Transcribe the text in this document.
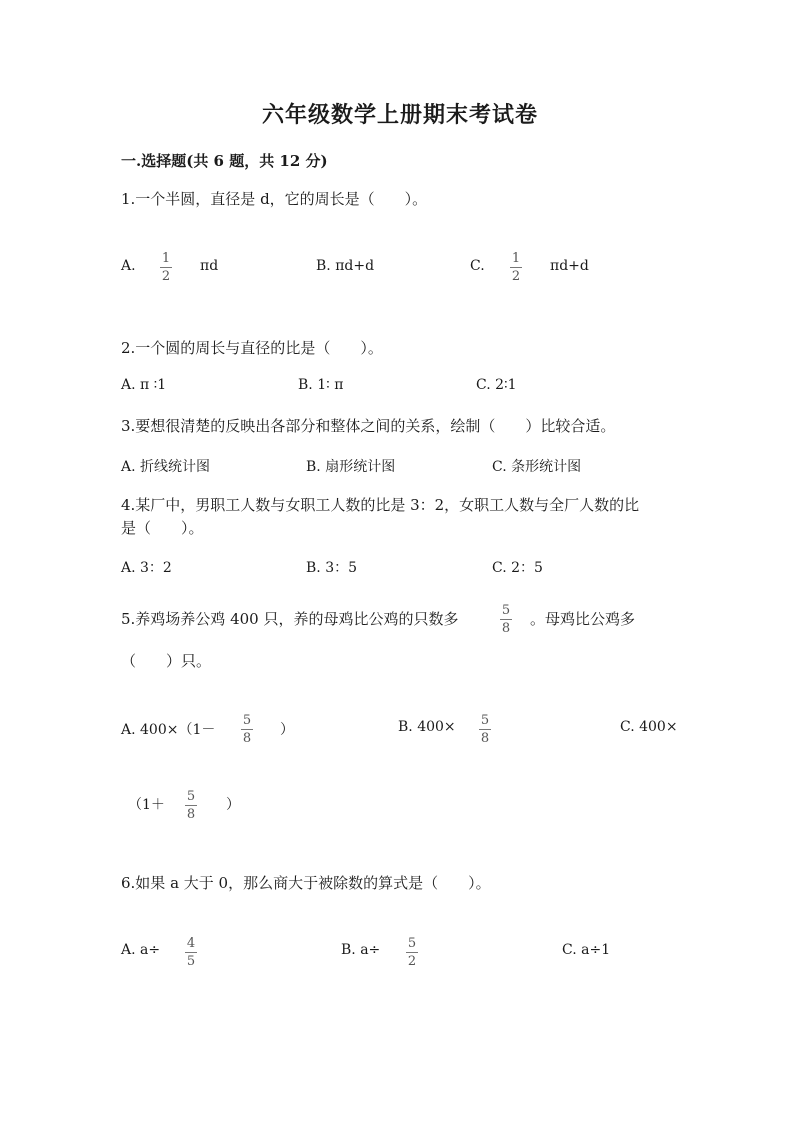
六年级数学上册期末考试卷
一.选择题(共 6 题，共 12 分)
1.一个半圆，直径是 d，它的周长是（　　）。
A. 1
2
πd	B. πd+d	C. 1
2
πd+d
2.一个圆的周长与直径的比是（　　）。
A. π ∶1	B. 1∶ π	C. 2∶1
3.要想很清楚的反映出各部分和整体之间的关系，绘制（　　）比较合适。
A. 折线统计图	B. 扇形统计图	C. 条形统计图
4.某厂中，男职工人数与女职工人数的比是 3：2，女职工人数与全厂人数的比
是（　　）。
A. 3：2	B. 3：5	C. 2：5
5.养鸡场养公鸡 400 只，养的母鸡比公鸡的只数多	5
8
。母鸡比公鸡多
（　　）只。
A. 400×（1－
5
8
）	B. 400× 5
8
C. 400×
（1＋
5
8
）
6.如果 a 大于 0，那么商大于被除数的算式是（　　）。
A. a÷ 4
5
B. a÷ 5
2
C. a÷1
